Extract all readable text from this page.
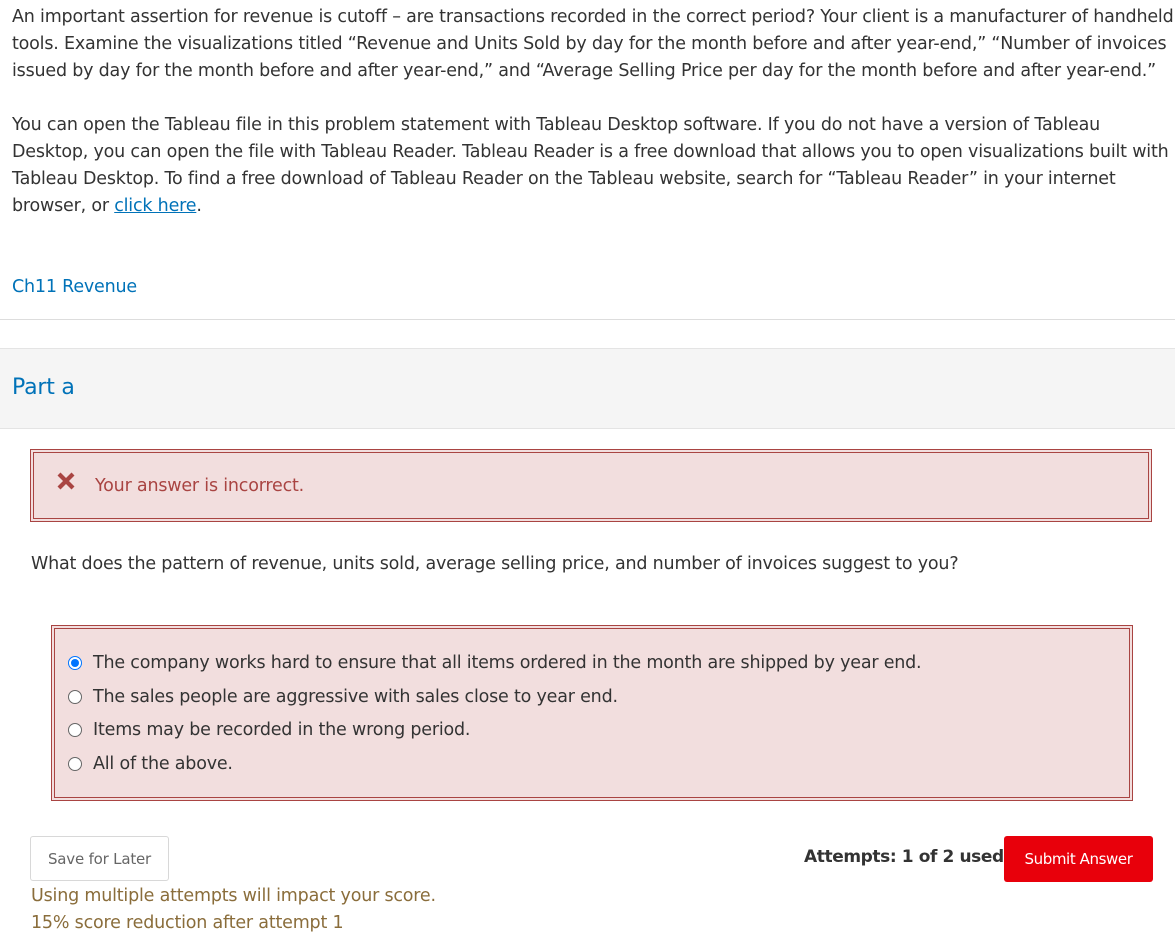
An important assertion for revenue is cutoff – are transactions recorded in the correct period? Your client is a manufacturer of handheld tools. Examine the visualizations titled “Revenue and Units Sold by day for the month before and after year-end,” “Number of invoices issued by day for the month before and after year-end,” and “Average Selling Price per day for the month before and after year-end.”

You can open the Tableau file in this problem statement with Tableau Desktop software. If you do not have a version of Tableau Desktop, you can open the file with Tableau Reader. Tableau Reader is a free download that allows you to open visualizations built with Tableau Desktop. To find a free download of Tableau Reader on the Tableau website, search for “Tableau Reader” in your internet browser, or click here.

Ch11 Revenue
Part a
Your answer is incorrect.
What does the pattern of revenue, units sold, average selling price, and number of invoices suggest to you?
The company works hard to ensure that all items ordered in the month are shipped by year end.
The sales people are aggressive with sales close to year end.
Items may be recorded in the wrong period.
All of the above.
Save for Later	Attempts: 1 of 2 used	Submit Answer
Using multiple attempts will impact your score.
15% score reduction after attempt 1
